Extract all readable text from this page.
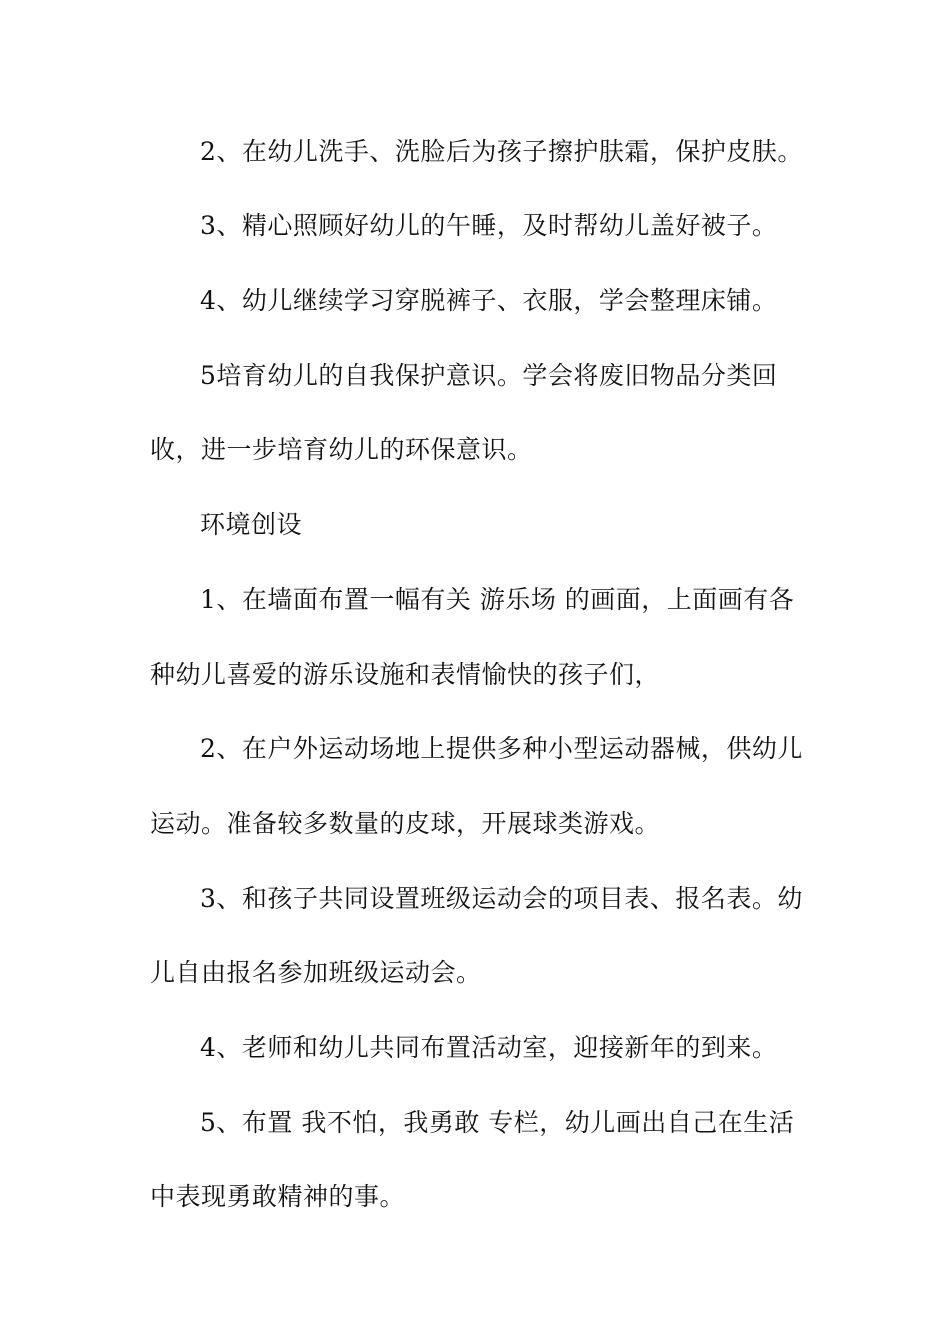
2、在幼儿洗手、洗脸后为孩子擦护肤霜，保护皮肤。

3、精心照顾好幼儿的午睡，及时帮幼儿盖好被子。

4、幼儿继续学习穿脱裤子、衣服，学会整理床铺。

5培育幼儿的自我保护意识。学会将废旧物品分类回

收，进一步培育幼儿的环保意识。

环境创设

1、在墙面布置一幅有关 游乐场 的画面，上面画有各

种幼儿喜爱的游乐设施和表情愉快的孩子们，

2、在户外运动场地上提供多种小型运动器械，供幼儿

运动。准备较多数量的皮球，开展球类游戏。

3、和孩子共同设置班级运动会的项目表、报名表。幼

儿自由报名参加班级运动会。

4、老师和幼儿共同布置活动室，迎接新年的到来。

5、布置 我不怕，我勇敢 专栏，幼儿画出自己在生活

中表现勇敢精神的事。
